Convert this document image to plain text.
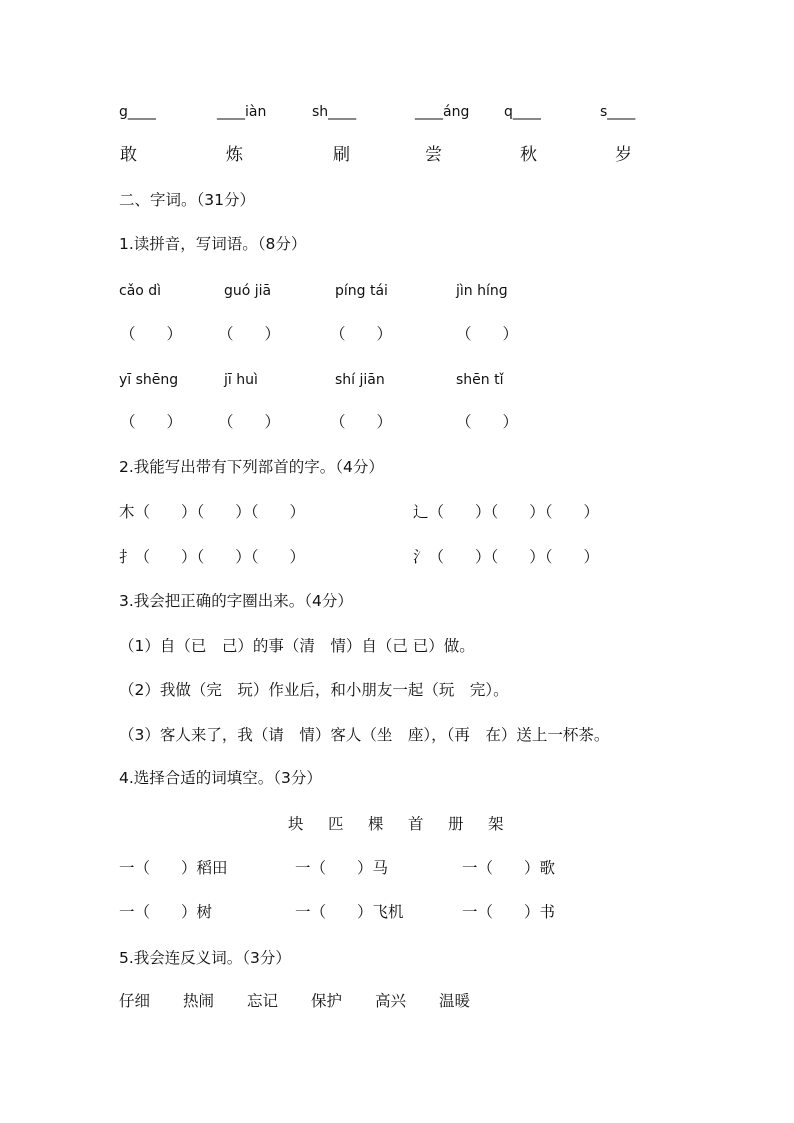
g____	____iàn	sh____	____áng q____	s____
敢	炼	刷	尝	秋	岁
二、字词。（31分）
1.读拼音，写词语。（8分）
cǎo dì	guó jiā	píng tái	jìn hínɡ
（　　） （　　）	（　　）	（　　）
yī shēng	jī huì	shí jiān	shēn tǐ
（　　） （　　）	（　　）	（　　）
2.我能写出带有下列部首的字。（4分）
木（　　）（　　）（　　）	辶（　　）（　　）（　　）
扌（　　）（　　）（　　）	氵（　　）（　　）（　　）
3.我会把正确的字圈出来。（4分）
（1）自（已　己）的事（清　情）自（己 已）做。
（2）我做（完　玩）作业后，和小朋友一起（玩　完）。
（3）客人来了，我（请　情）客人（坐　座），（再　在）送上一杯茶。
4.选择合适的词填空。（3分）
块 匹 棵 首 册 架
一（　　）稻田	一（　　）马	一（　　）歌
一（　　）树	一（　　）飞机	一（　　）书
5.我会连反义词。（3分）
仔细 热闹 忘记 保护 高兴 温暖
